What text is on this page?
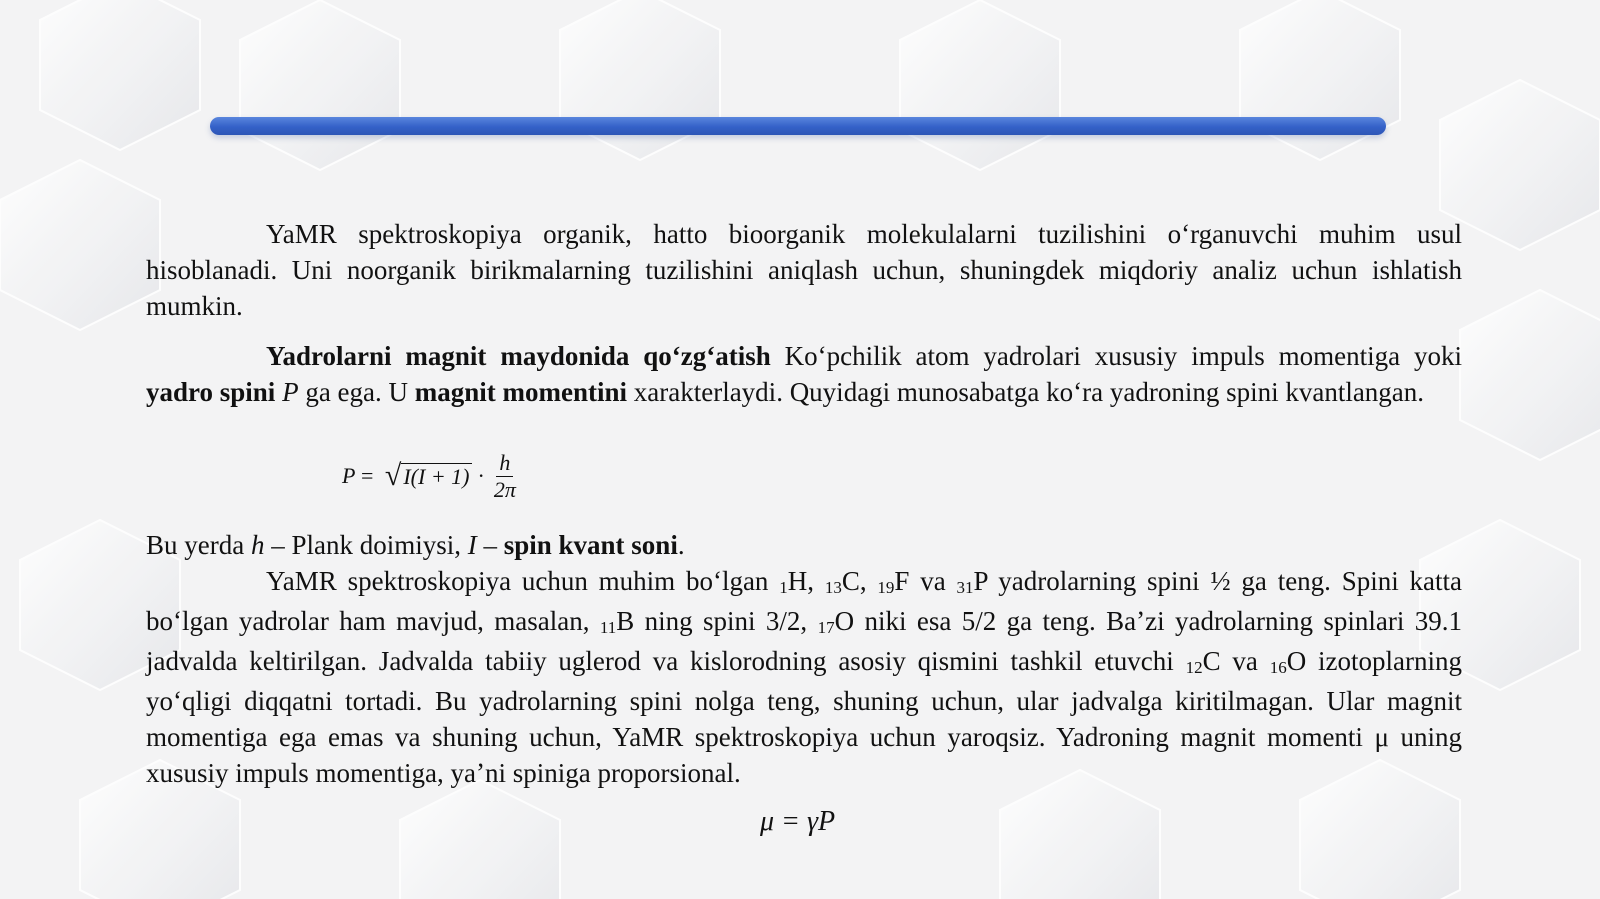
YaMR spektroskopiya organik, hatto bioorganik molekulalarni tuzilishini oʻrganuvchi muhim usul hisoblanadi. Uni noorganik birikmalarning tuzilishini aniqlash uchun, shuningdek miqdoriy analiz uchun ishlatish mumkin.
Yadrolarni magnit maydonida qoʻzgʻatish Koʻpchilik atom yadrolari xususiy impuls momentiga yoki yadro spini P ga ega. U magnit momentini xarakterlaydi. Quyidagi munosabatga koʻra yadroning spini kvantlangan.
P = √ $I(I + 1) \cdot \frac{h}{2\pi}$
Bu yerda h – Plank doimiysi, I – spin kvant soni.
YaMR spektroskopiya uchun muhim boʻlgan $_1$H, $_{13}$C, $_{19}$F va $_{31}$P yadrolarning spini ½ ga teng. Spini katta boʻlgan yadrolar ham mavjud, masalan, $_{11}$B ning spini 3/2, $_{17}$O niki esa 5/2 ga teng. Baʼzi yadrolarning spinlari 39.1 jadvalda keltirilgan. Jadvalda tabiiy uglerod va kislorodning asosiy qismini tashkil etuvchi $_{12}$C va $_{16}$O izotoplarning yoʻqligi diqqatni tortadi. Bu yadrolarning spini nolga teng, shuning uchun, ular jadvalga kiritilmagan. Ular magnit momentiga ega emas va shuning uchun, YaMR spektroskopiya uchun yaroqsiz. Yadroning magnit momenti μ uning xususiy impuls momentiga, yaʼni spiniga proporsional.
μ = γP
